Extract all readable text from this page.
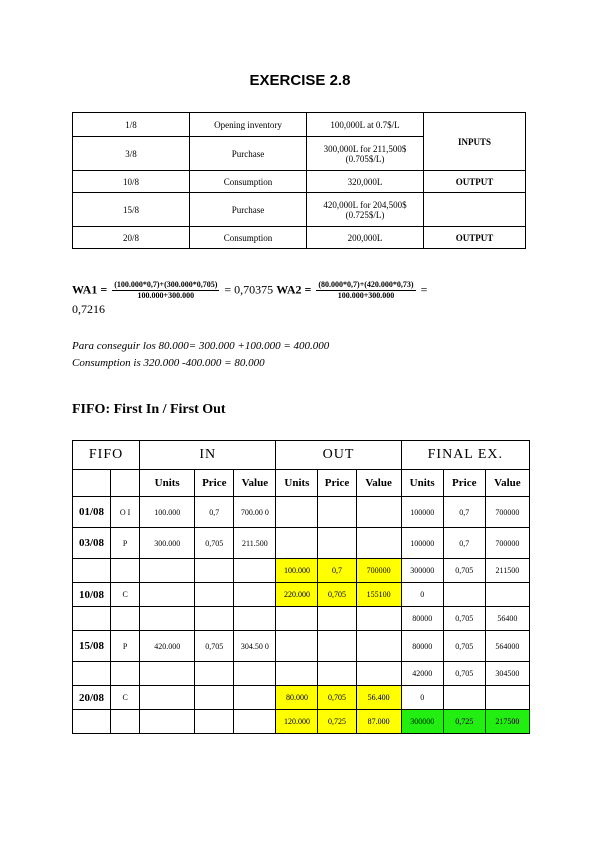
EXERCISE 2.8
1/8	Opening inventory	100,000L at 0.7$/L	INPUTS
3/8	Purchase	300,000L for 211,500$ (0.705$/L)	
10/8	Consumption	320,000L	OUTPUT
15/8	Purchase	420,000L for 204,500$ (0.725$/L)	
20/8	Consumption	200,000L	OUTPUT
$WA1 = \frac{(100.000*0,7)+(300.000*0,705)}{100.000+300.000} = 0,70375$ $WA2 = \frac{(80.000*0,7)+(420.000*0,73)}{100.000+300.000}$ =
0,7216
Para conseguir los 80.000= 300.000 +100.000 = 400.000
Consumption is 320.000 -400.000 = 80.000
FIFO: First In / First Out
FIFO		IN			OUT			FINAL EX.		
		Units	Price	Value	Units	Price	Value	Units	Price	Value
01/08	O I	100.000	0,7	700.00 0				100000	0,7	700000
03/08	P	300.000	0,705	211.500				100000	0,7	700000
					100.000	0,7	700000	300000	0,705	211500
10/08	C				220.000	0,705	155100	0		
								80000	0,705	56400
15/08	P	420.000	0,705	304.50 0				80000	0,705	564000
								42000	0,705	304500
20/08	C				80.000	0,705	56.400	0		
					120.000	0,725	87.000	300000	0,725	217500
